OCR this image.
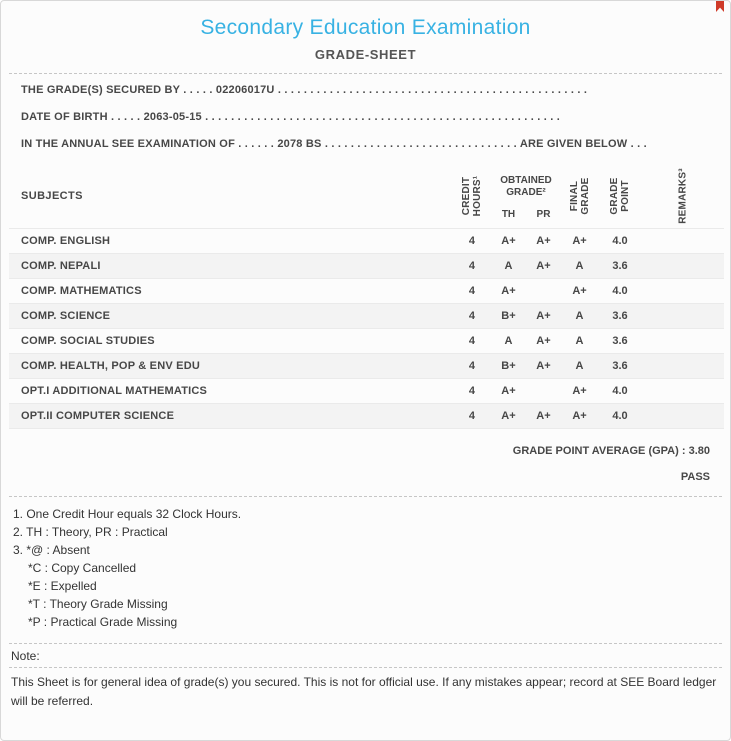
Secondary Education Examination
GRADE-SHEET
THE GRADE(S) SECURED BY . . . . . 02206017U . . . . . . . . . . . . . . . . . . . . . . . . . . . . . . . . . . . . . . . . . . . . . . . .
DATE OF BIRTH . . . . . 2063-05-15 . . . . . . . . . . . . . . . . . . . . . . . . . . . . . . . . . . . . . . . . . . . . . . . . . . . . . . .
IN THE ANNUAL SEE EXAMINATION OF . . . . . . 2078 BS . . . . . . . . . . . . . . . . . . . . . . . . . . . . . . ARE GIVEN BELOW . . .
SUBJECTS	CREDIT HOURS¹	OBTAINED GRADE²		FINAL GRADE	GRADE POINT	REMARKS³

		TH	PR			
COMP. ENGLISH	4	A+	A+	A+	4.0	
COMP. NEPALI	4	A	A+	A	3.6	
COMP. MATHEMATICS	4	A+		A+	4.0	
COMP. SCIENCE	4	B+	A+	A	3.6	
COMP. SOCIAL STUDIES	4	A	A+	A	3.6	
COMP. HEALTH, POP & ENV EDU	4	B+	A+	A	3.6	
OPT.I ADDITIONAL MATHEMATICS	4	A+		A+	4.0	
OPT.II COMPUTER SCIENCE	4	A+	A+	A+	4.0	
GRADE POINT AVERAGE (GPA) : 3.80
PASS
1. One Credit Hour equals 32 Clock Hours.
2. TH : Theory, PR : Practical
3. *@ : Absent
*C : Copy Cancelled
*E : Expelled
*T : Theory Grade Missing
*P : Practical Grade Missing
Note:
This Sheet is for general idea of grade(s) you secured. This is not for official use. If any mistakes appear; record at SEE Board ledger will be referred.
